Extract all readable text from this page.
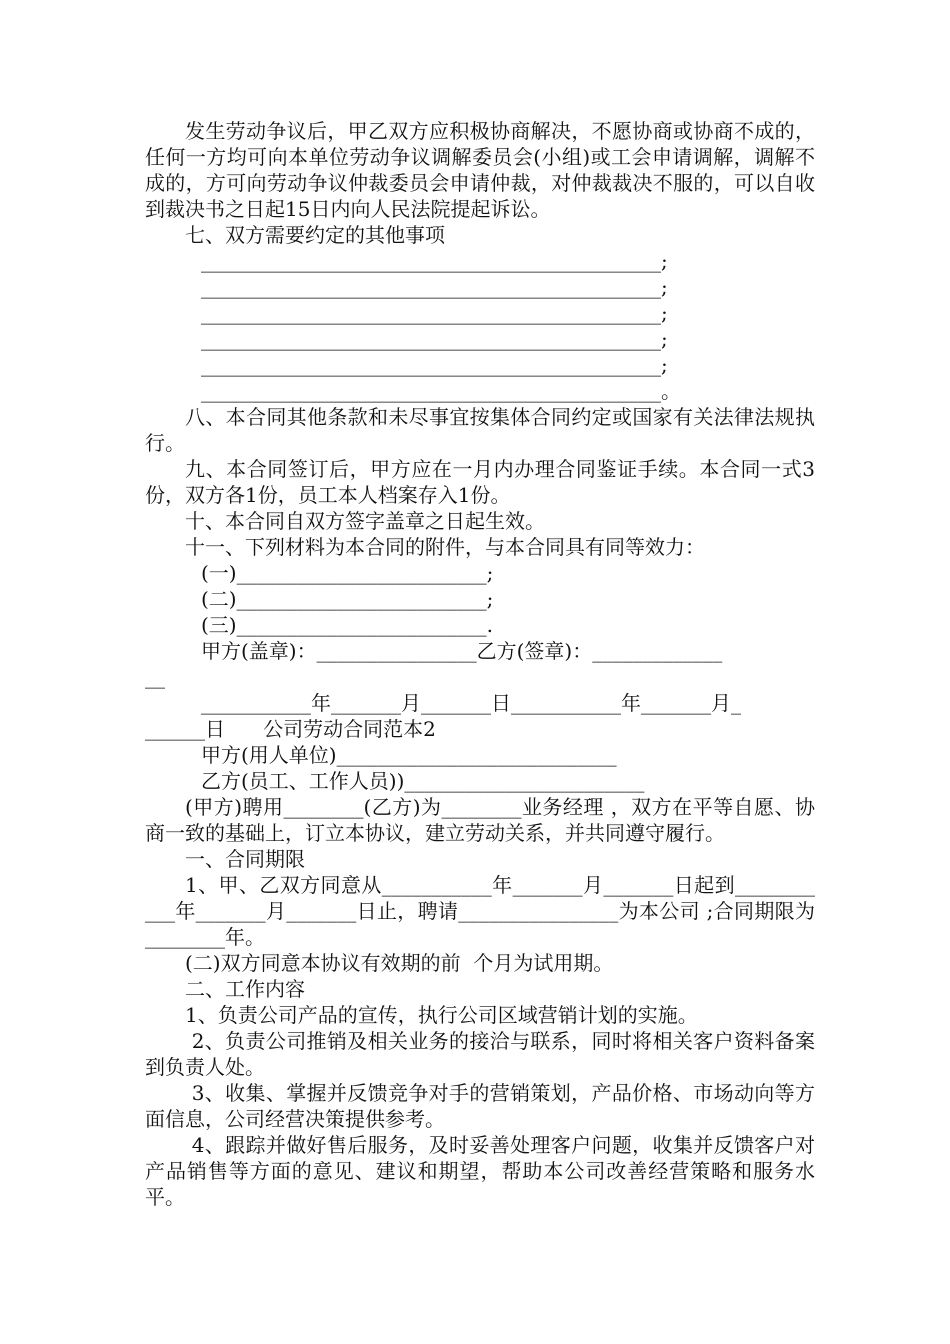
发生劳动争议后，甲乙双方应积极协商解决，不愿协商或协商不成的，任何一方均可向本单位劳动争议调解委员会(小组)或工会申请调解，调解不成的，方可向劳动争议仲裁委员会申请仲裁，对仲裁裁决不服的，可以自收到裁决书之日起15日内向人民法院提起诉讼。

七、双方需要约定的其他事项

______________________________________________;

______________________________________________;

______________________________________________;

______________________________________________;

______________________________________________;

______________________________________________。

八、本合同其他条款和未尽事宜按集体合同约定或国家有关法律法规执行。

九、本合同签订后，甲方应在一月内办理合同鉴证手续。本合同一式3份，双方各1份，员工本人档案存入1份。

十、本合同自双方签字盖章之日起生效。

十一、下列材料为本合同的附件，与本合同具有同等效力：

(一)_________________________;

(二)_________________________;

(三)_________________________.

甲方(盖章)：________________乙方(签章)：_____________

__

___________年_______月_______日___________年_______月_

______日      公司劳动合同范本2

甲方(用人单位)____________________________

乙方(员工、工作人员))________________________

(甲方)聘用________(乙方)为________业务经理 ，双方在平等自愿、协商一致的基础上，订立本协议，建立劳动关系，并共同遵守履行。

一、合同期限

1、甲、乙双方同意从___________年_______月_______日起到___________年_______月_______日止，聘请________________为本公司 ;合同期限为________年。

(二)双方同意本协议有效期的前  个月为试用期。

二、工作内容

1、负责公司产品的宣传，执行公司区域营销计划的实施。

2、负责公司推销及相关业务的接洽与联系，同时将相关客户资料备案到负责人处。

3、收集、掌握并反馈竞争对手的营销策划，产品价格、市场动向等方面信息，公司经营决策提供参考。

4、跟踪并做好售后服务，及时妥善处理客户问题，收集并反馈客户对产品销售等方面的意见、建议和期望，帮助本公司改善经营策略和服务水平。
